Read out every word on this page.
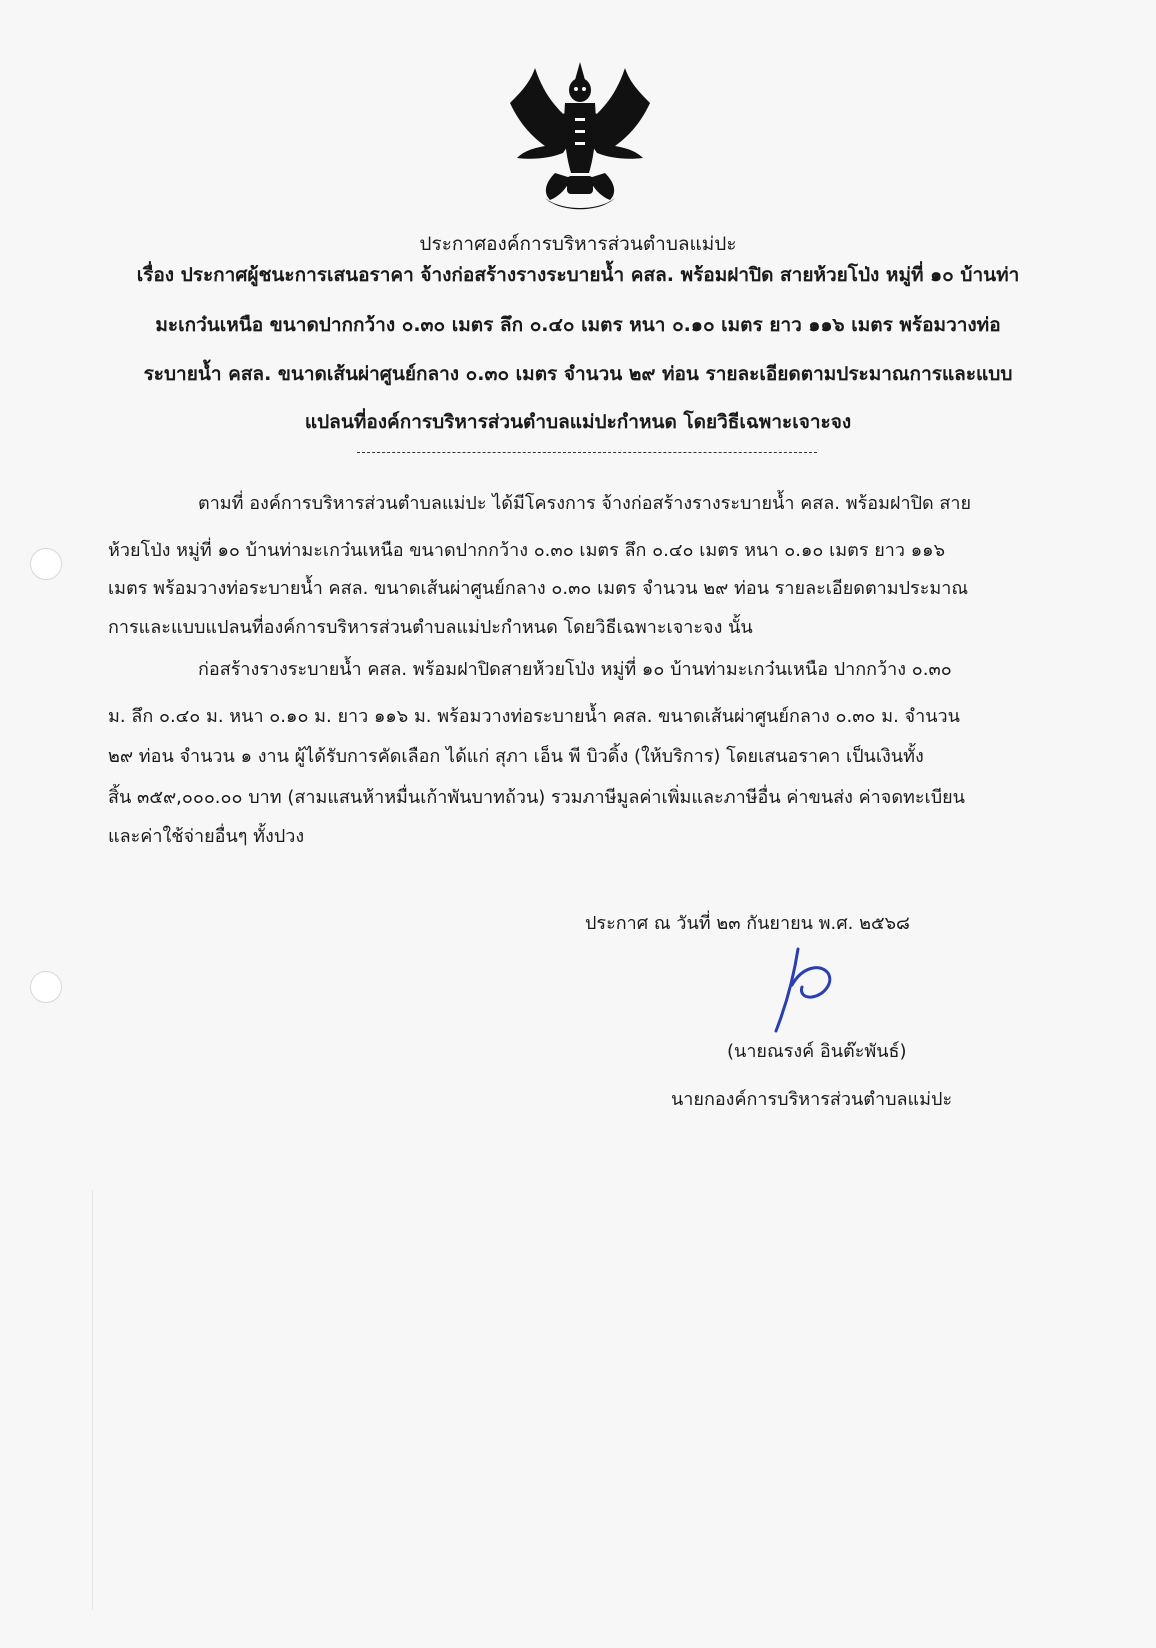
ประกาศองค์การบริหารส่วนตำบลแม่ปะ
เรื่อง ประกาศผู้ชนะการเสนอราคา จ้างก่อสร้างรางระบายน้ำ คสล. พร้อมฝาปิด สายห้วยโป่ง หมู่ที่ ๑๐ บ้านท่า
มะเกว๋นเหนือ ขนาดปากกว้าง ๐.๓๐ เมตร ลึก ๐.๔๐ เมตร หนา ๐.๑๐ เมตร ยาว ๑๑๖ เมตร พร้อมวางท่อ
ระบายน้ำ คสล. ขนาดเส้นผ่าศูนย์กลาง ๐.๓๐ เมตร จำนวน ๒๙ ท่อน รายละเอียดตามประมาณการและแบบ
แปลนที่องค์การบริหารส่วนตำบลแม่ปะกำหนด โดยวิธีเฉพาะเจาะจง
ตามที่ องค์การบริหารส่วนตำบลแม่ปะ ได้มีโครงการ จ้างก่อสร้างรางระบายน้ำ คสล. พร้อมฝาปิด สาย
ห้วยโป่ง หมู่ที่ ๑๐ บ้านท่ามะเกว๋นเหนือ ขนาดปากกว้าง ๐.๓๐ เมตร ลึก ๐.๔๐ เมตร หนา ๐.๑๐ เมตร ยาว ๑๑๖
เมตร พร้อมวางท่อระบายน้ำ คสล. ขนาดเส้นผ่าศูนย์กลาง ๐.๓๐ เมตร จำนวน ๒๙ ท่อน รายละเอียดตามประมาณ
การและแบบแปลนที่องค์การบริหารส่วนตำบลแม่ปะกำหนด โดยวิธีเฉพาะเจาะจง นั้น
ก่อสร้างรางระบายน้ำ คสล. พร้อมฝาปิดสายห้วยโป่ง หมู่ที่ ๑๐ บ้านท่ามะเกว๋นเหนือ ปากกว้าง ๐.๓๐
ม. ลึก ๐.๔๐ ม. หนา ๐.๑๐ ม. ยาว ๑๑๖ ม. พร้อมวางท่อระบายน้ำ คสล. ขนาดเส้นผ่าศูนย์กลาง ๐.๓๐ ม. จำนวน
๒๙ ท่อน จำนวน ๑ งาน ผู้ได้รับการคัดเลือก ได้แก่ สุภา เอ็น พี บิวดิ้ง (ให้บริการ) โดยเสนอราคา เป็นเงินทั้ง
สิ้น ๓๕๙,๐๐๐.๐๐ บาท (สามแสนห้าหมื่นเก้าพันบาทถ้วน) รวมภาษีมูลค่าเพิ่มและภาษีอื่น ค่าขนส่ง ค่าจดทะเบียน
และค่าใช้จ่ายอื่นๆ ทั้งปวง
ประกาศ ณ วันที่ ๒๓ กันยายน พ.ศ. ๒๕๖๘
(นายณรงค์ อินต๊ะพันธ์)
นายกองค์การบริหารส่วนตำบลแม่ปะ
